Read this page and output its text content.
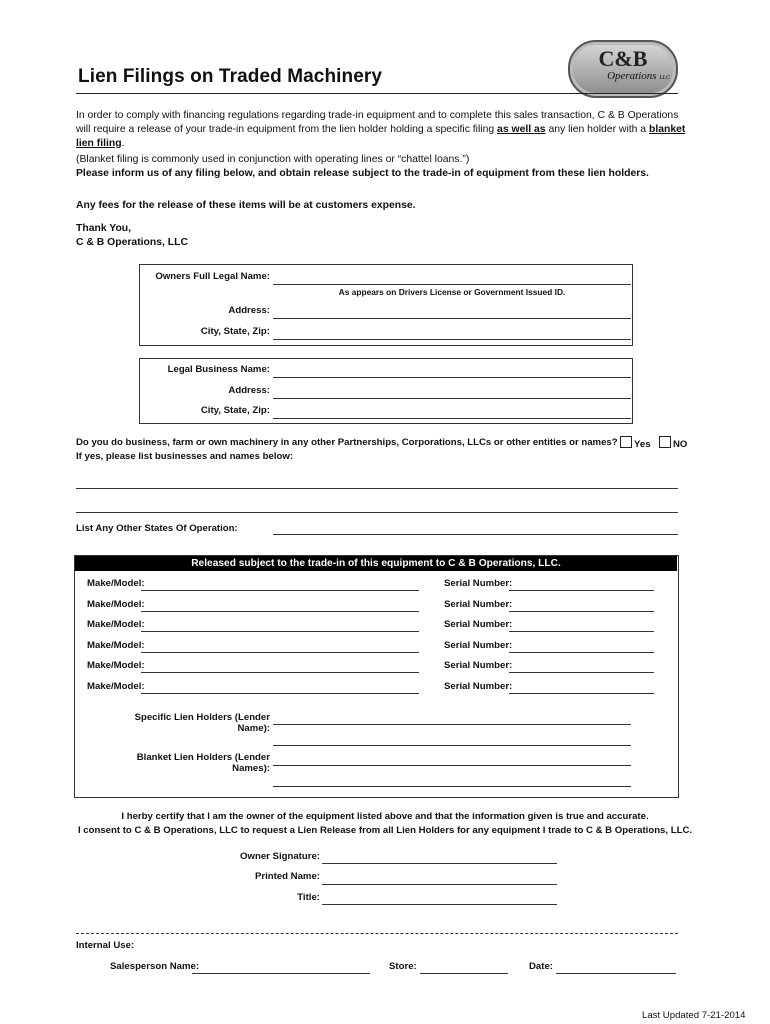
C&B
Operations LLC
Lien Filings on Traded Machinery
In order to comply with financing regulations regarding trade-in equipment and to complete this sales transaction, C & B Operations will require a release of your trade-in equipment from the lien holder holding a specific filing as well as any lien holder with a blanket lien filing.
(Blanket filing is commonly used in conjunction with operating lines or “chattel loans.”)
Please inform us of any filing below, and obtain release subject to the trade-in of equipment from these lien holders.
Any fees for the release of these items will be at customers expense.
Thank You,
C & B Operations, LLC
Owners Full Legal Name:
As appears on Drivers License or Government Issued ID.
Address:
City, State, Zip:
Legal Business Name:
Address:
City, State, Zip:
Do you do business, farm or own machinery in any other Partnerships, Corporations, LLCs or other entities or names?
If yes, please list businesses and names below:
Yes	NO
List Any Other States Of Operation:
Released subject to the trade-in of this equipment to C & B Operations, LLC.
Make/Model:	Serial Number:
Make/Model:	Serial Number:
Make/Model:	Serial Number:
Make/Model:	Serial Number:
Make/Model:	Serial Number:
Make/Model:	Serial Number:
Specific Lien Holders (Lender Name):
Blanket Lien Holders (Lender Names):
I herby certify that I am the owner of the equipment listed above and that the information given is true and accurate.
I consent to C & B Operations, LLC to request a Lien Release from all Lien Holders for any equipment I trade to C & B Operations, LLC.
Owner Signature:
Printed Name:
Title:
Internal Use:
Salesperson Name:	Store:	Date:
Last Updated 7-21-2014
